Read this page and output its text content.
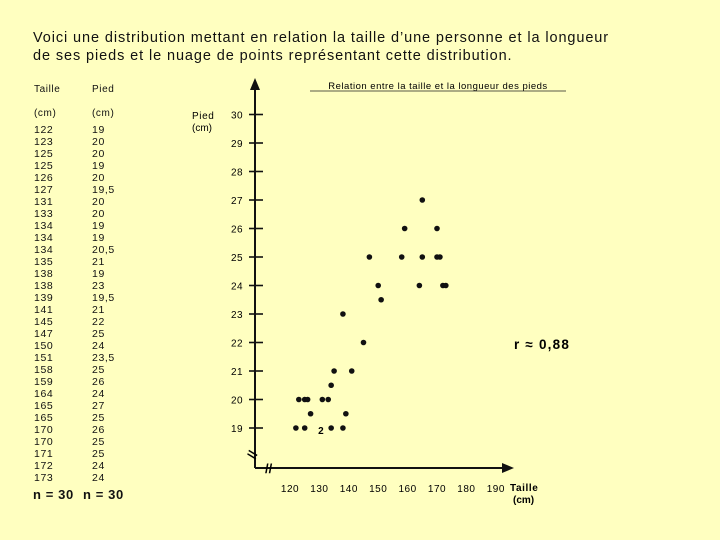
Voici une distribution mettant en relation la taille d’une personne et la longueur
de ses pieds et le nuage de points représentant cette distribution.
Taille	Pied
(cm)	(cm)
122	19
123	20
125	20
125	19
126	20
127	19,5
131	20
133	20
134	19
134	19
134	20,5
135	21
138	19
138	23
139	19,5
141	21
145	22
147	25
150	24
151	23,5
158	25
159	26
164	24
165	27
165	25
170	26
170	25
171	25
172	24
173	24
n = 30 n = 30
Relation entre la taille et la longueur des pieds
Pied
(cm)
Taille
(cm)
r ≈ 0,88
//
//
19
20
21
22
23
24
25
26
27
28
29
30
120 130 140 150 160 170 180 190
2
